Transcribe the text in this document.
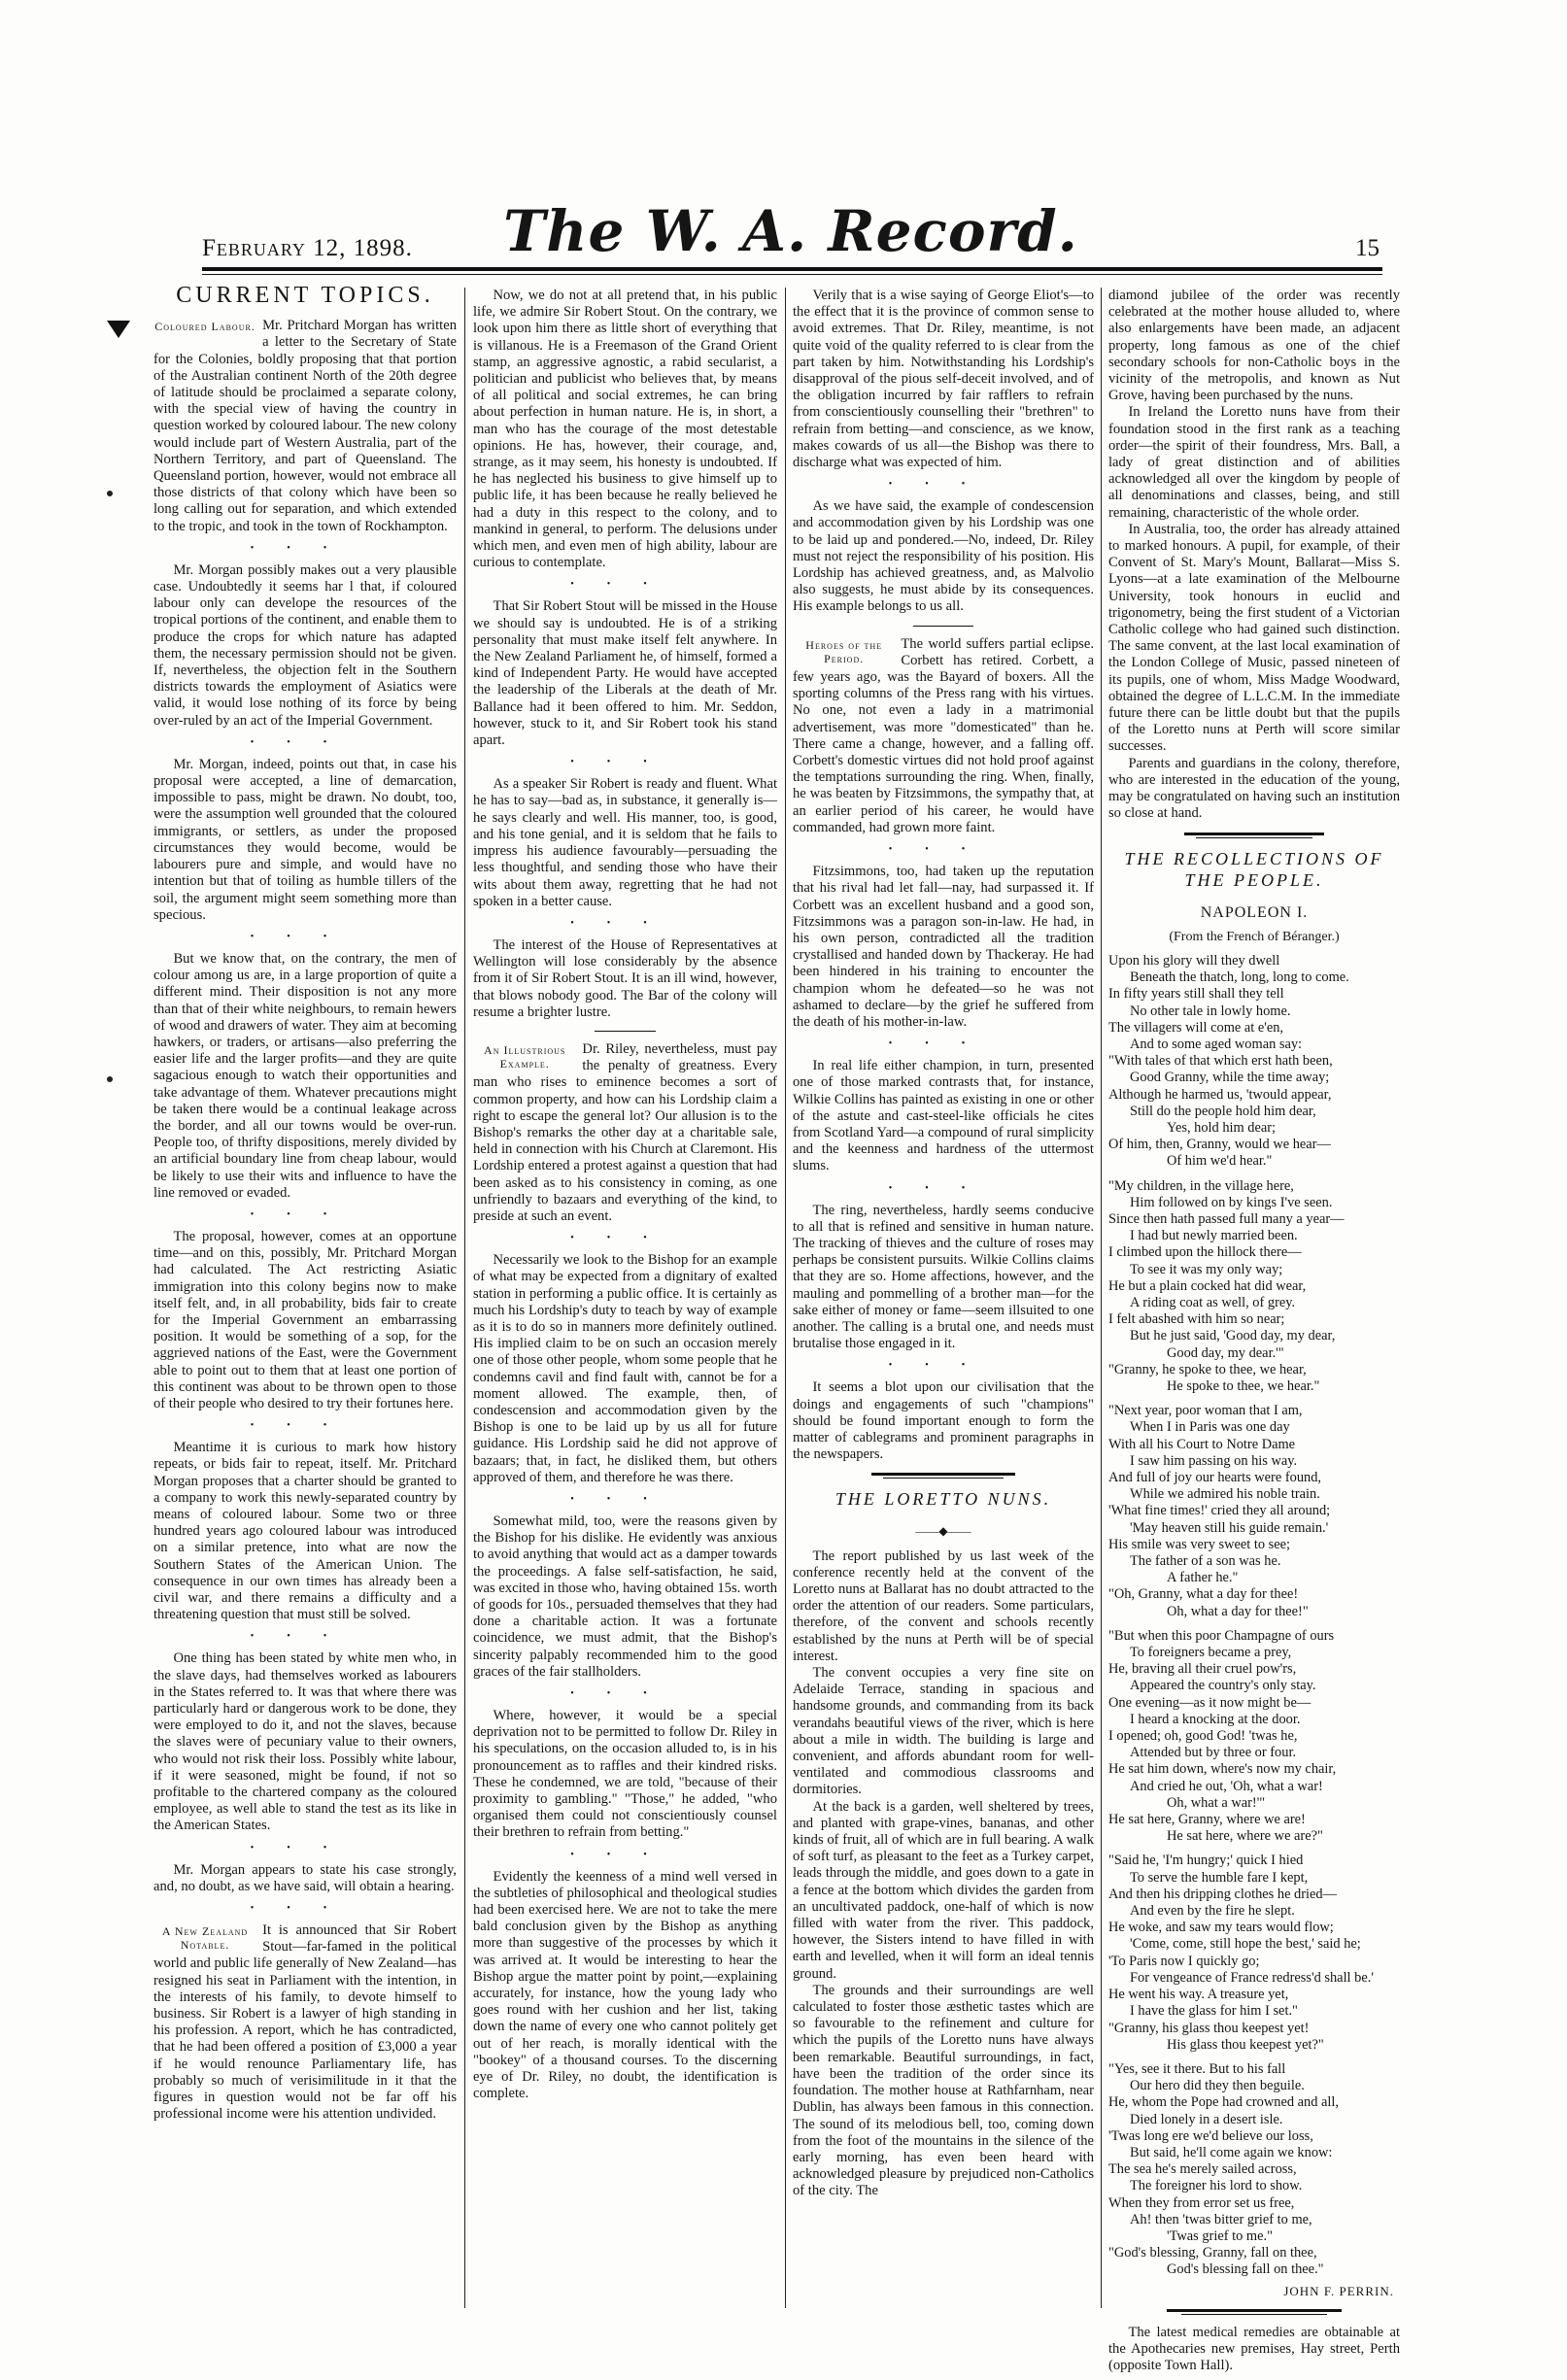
February 12, 1898.	The W. A. Record.	15
CURRENT TOPICS.
Coloured Labour. Mr. Pritchard Morgan has written a letter to the Secretary of State for the Colonies, boldly proposing that that portion of the Australian continent North of the 20th degree of latitude should be proclaimed a separate colony, with the special view of having the country in question worked by coloured labour. The new colony would include part of Western Australia, part of the Northern Territory, and part of Queensland. The Queensland portion, however, would not embrace all those districts of that colony which have been so long calling out for separation, and which extended to the tropic, and took in the town of Rockhampton.

•••

Mr. Morgan possibly makes out a very plausible case. Undoubtedly it seems har l that, if coloured labour only can develope the resources of the tropical portions of the continent, and enable them to produce the crops for which nature has adapted them, the necessary permission should not be given. If, nevertheless, the objection felt in the Southern districts towards the employment of Asiatics were valid, it would lose nothing of its force by being over-ruled by an act of the Imperial Government.

•••

Mr. Morgan, indeed, points out that, in case his proposal were accepted, a line of demarcation, impossible to pass, might be drawn. No doubt, too, were the assumption well grounded that the coloured immigrants, or settlers, as under the proposed circumstances they would become, would be labourers pure and simple, and would have no intention but that of toiling as humble tillers of the soil, the argument might seem something more than specious.

•••

But we know that, on the contrary, the men of colour among us are, in a large proportion of quite a different mind. Their disposition is not any more than that of their white neighbours, to remain hewers of wood and drawers of water. They aim at becoming hawkers, or traders, or artisans—also preferring the easier life and the larger profits—and they are quite sagacious enough to watch their opportunities and take advantage of them. Whatever precautions might be taken there would be a continual leakage across the border, and all our towns would be over-run. People too, of thrifty dispositions, merely divided by an artificial boundary line from cheap labour, would be likely to use their wits and influence to have the line removed or evaded.

•••

The proposal, however, comes at an opportune time—and on this, possibly, Mr. Pritchard Morgan had calculated. The Act restricting Asiatic immigration into this colony begins now to make itself felt, and, in all probability, bids fair to create for the Imperial Government an embarrassing position. It would be something of a sop, for the aggrieved nations of the East, were the Government able to point out to them that at least one portion of this continent was about to be thrown open to those of their people who desired to try their fortunes here.

•••

Meantime it is curious to mark how history repeats, or bids fair to repeat, itself. Mr. Pritchard Morgan proposes that a charter should be granted to a company to work this newly-separated country by means of coloured labour. Some two or three hundred years ago coloured labour was introduced on a similar pretence, into what are now the Southern States of the American Union. The consequence in our own times has already been a civil war, and there remains a difficulty and a threatening question that must still be solved.

•••

One thing has been stated by white men who, in the slave days, had themselves worked as labourers in the States referred to. It was that where there was particularly hard or dangerous work to be done, they were employed to do it, and not the slaves, because the slaves were of pecuniary value to their owners, who would not risk their loss. Possibly white labour, if it were seasoned, might be found, if not so profitable to the chartered company as the coloured employee, as well able to stand the test as its like in the American States.

•••

Mr. Morgan appears to state his case strongly, and, no doubt, as we have said, will obtain a hearing.

•••
A New Zealand Notable.

It is announced that Sir Robert Stout—far-famed in the political world and public life generally of New Zealand—has resigned his seat in Parliament with the intention, in the interests of his family, to devote himself to business. Sir Robert is a lawyer of high standing in his profession. A report, which he has contradicted, that he had been offered a position of £3,000 a year if he would renounce Parliamentary life, has probably so much of verisimilitude in it that the figures in question would not be far off his professional income were his attention undivided.

Now, we do not at all pretend that, in his public life, we admire Sir Robert Stout. On the contrary, we look upon him there as little short of everything that is villanous. He is a Freemason of the Grand Orient stamp, an aggressive agnostic, a rabid secularist, a politician and publicist who believes that, by means of all political and social extremes, he can bring about perfection in human nature. He is, in short, a man who has the courage of the most detestable opinions. He has, however, their courage, and, strange, as it may seem, his honesty is undoubted. If he has neglected his business to give himself up to public life, it has been because he really believed he had a duty in this respect to the colony, and to mankind in general, to perform. The delusions under which men, and even men of high ability, labour are curious to contemplate.

•••

That Sir Robert Stout will be missed in the House we should say is undoubted. He is of a striking personality that must make itself felt anywhere. In the New Zealand Parliament he, of himself, formed a kind of Independent Party. He would have accepted the leadership of the Liberals at the death of Mr. Ballance had it been offered to him. Mr. Seddon, however, stuck to it, and Sir Robert took his stand apart.

•••

As a speaker Sir Robert is ready and fluent. What he has to say—bad as, in substance, it generally is—he says clearly and well. His manner, too, is good, and his tone genial, and it is seldom that he fails to impress his audience favourably—persuading the less thoughtful, and sending those who have their wits about them away, regretting that he had not spoken in a better cause.

•••

The interest of the House of Representatives at Wellington will lose considerably by the absence from it of Sir Robert Stout. It is an ill wind, however, that blows nobody good. The Bar of the colony will resume a brighter lustre.

An Illustrious Example.

Dr. Riley, nevertheless, must pay the penalty of greatness. Every man who rises to eminence becomes a sort of common property, and how can his Lordship claim a right to escape the general lot? Our allusion is to the Bishop's remarks the other day at a charitable sale, held in connection with his Church at Claremont. His Lordship entered a protest against a question that had been asked as to his consistency in coming, as one unfriendly to bazaars and everything of the kind, to preside at such an event.

•••

Necessarily we look to the Bishop for an example of what may be expected from a dignitary of exalted station in performing a public office. It is certainly as much his Lordship's duty to teach by way of example as it is to do so in manners more definitely outlined. His implied claim to be on such an occasion merely one of those other people, whom some people that he condemns cavil and find fault with, cannot be for a moment allowed. The example, then, of condescension and accommodation given by the Bishop is one to be laid up by us all for future guidance. His Lordship said he did not approve of bazaars; that, in fact, he disliked them, but others approved of them, and therefore he was there.

•••

Somewhat mild, too, were the reasons given by the Bishop for his dislike. He evidently was anxious to avoid anything that would act as a damper towards the proceedings. A false self-satisfaction, he said, was excited in those who, having obtained 15s. worth of goods for 10s., persuaded themselves that they had done a charitable action. It was a fortunate coincidence, we must admit, that the Bishop's sincerity palpably recommended him to the good graces of the fair stallholders.

•••

Where, however, it would be a special deprivation not to be permitted to follow Dr. Riley in his speculations, on the occasion alluded to, is in his pronouncement as to raffles and their kindred risks. These he condemned, we are told, "because of their proximity to gambling." "Those," he added, "who organised them could not conscientiously counsel their brethren to refrain from betting."

•••

Evidently the keenness of a mind well versed in the subtleties of philosophical and theological studies had been exercised here. We are not to take the mere bald conclusion given by the Bishop as anything more than suggestive of the processes by which it was arrived at. It would be interesting to hear the Bishop argue the matter point by point,—explaining accurately, for instance, how the young lady who goes round with her cushion and her list, taking down the name of every one who cannot politely get out of her reach, is morally identical with the "bookey" of a thousand courses. To the discerning eye of Dr. Riley, no doubt, the identification is complete.

Verily that is a wise saying of George Eliot's—to the effect that it is the province of common sense to avoid extremes. That Dr. Riley, meantime, is not quite void of the quality referred to is clear from the part taken by him. Notwithstanding his Lordship's disapproval of the pious self-deceit involved, and of the obligation incurred by fair rafflers to refrain from conscientiously counselling their "brethren" to refrain from betting—and conscience, as we know, makes cowards of us all—the Bishop was there to discharge what was expected of him.

•••

As we have said, the example of condescension and accommodation given by his Lordship was one to be laid up and pondered.—No, indeed, Dr. Riley must not reject the responsibility of his position. His Lordship has achieved greatness, and, as Malvolio also suggests, he must abide by its consequences. His example belongs to us all.

Heroes of the Period.

The world suffers partial eclipse. Corbett has retired. Corbett, a few years ago, was the Bayard of boxers. All the sporting columns of the Press rang with his virtues. No one, not even a lady in a matrimonial advertisement, was more "domesticated" than he. There came a change, however, and a falling off. Corbett's domestic virtues did not hold proof against the temptations surrounding the ring. When, finally, he was beaten by Fitzsimmons, the sympathy that, at an earlier period of his career, he would have commanded, had grown more faint.

•••

Fitzsimmons, too, had taken up the reputation that his rival had let fall—nay, had surpassed it. If Corbett was an excellent husband and a good son, Fitzsimmons was a paragon son-in-law. He had, in his own person, contradicted all the tradition crystallised and handed down by Thackeray. He had been hindered in his training to encounter the champion whom he defeated—so he was not ashamed to declare—by the grief he suffered from the death of his mother-in-law.

•••

In real life either champion, in turn, presented one of those marked contrasts that, for instance, Wilkie Collins has painted as existing in one or other of the astute and cast-steel-like officials he cites from Scotland Yard—a compound of rural simplicity and the keenness and hardness of the uttermost slums.

•••

The ring, nevertheless, hardly seems conducive to all that is refined and sensitive in human nature. The tracking of thieves and the culture of roses may perhaps be consistent pursuits. Wilkie Collins claims that they are so. Home affections, however, and the mauling and pommelling of a brother man—for the sake either of money or fame—seem illsuited to one another. The calling is a brutal one, and needs must brutalise those engaged in it.

•••

It seems a blot upon our civilisation that the doings and engagements of such "champions" should be found important enough to form the matter of cablegrams and prominent paragraphs in the newspapers.

THE LORETTO NUNS.
——◆——

The report published by us last week of the conference recently held at the convent of the Loretto nuns at Ballarat has no doubt attracted to the order the attention of our readers. Some particulars, therefore, of the convent and schools recently established by the nuns at Perth will be of special interest.

The convent occupies a very fine site on Adelaide Terrace, standing in spacious and handsome grounds, and commanding from its back verandahs beautiful views of the river, which is here about a mile in width. The building is large and convenient, and affords abundant room for well-ventilated and commodious classrooms and dormitories.

At the back is a garden, well sheltered by trees, and planted with grape-vines, bananas, and other kinds of fruit, all of which are in full bearing. A walk of soft turf, as pleasant to the feet as a Turkey carpet, leads through the middle, and goes down to a gate in a fence at the bottom which divides the garden from an uncultivated paddock, one-half of which is now filled with water from the river. This paddock, however, the Sisters intend to have filled in with earth and levelled, when it will form an ideal tennis ground.

The grounds and their surroundings are well calculated to foster those æsthetic tastes which are so favourable to the refinement and culture for which the pupils of the Loretto nuns have always been remarkable. Beautiful surroundings, in fact, have been the tradition of the order since its foundation. The mother house at Rathfarnham, near Dublin, has always been famous in this connection. The sound of its melodious bell, too, coming down from the foot of the mountains in the silence of the early morning, has even been heard with acknowledged pleasure by prejudiced non-Catholics of the city. The

diamond jubilee of the order was recently celebrated at the mother house alluded to, where also enlargements have been made, an adjacent property, long famous as one of the chief secondary schools for non-Catholic boys in the vicinity of the metropolis, and known as Nut Grove, having been purchased by the nuns.

In Ireland the Loretto nuns have from their foundation stood in the first rank as a teaching order—the spirit of their foundress, Mrs. Ball, a lady of great distinction and of abilities acknowledged all over the kingdom by people of all denominations and classes, being, and still remaining, characteristic of the whole order.

In Australia, too, the order has already attained to marked honours. A pupil, for example, of their Convent of St. Mary's Mount, Ballarat—Miss S. Lyons—at a late examination of the Melbourne University, took honours in euclid and trigonometry, being the first student of a Victorian Catholic college who had gained such distinction. The same convent, at the last local examination of the London College of Music, passed nineteen of its pupils, one of whom, Miss Madge Woodward, obtained the degree of L.L.C.M. In the immediate future there can be little doubt but that the pupils of the Loretto nuns at Perth will score similar successes.

Parents and guardians in the colony, therefore, who are interested in the education of the young, may be congratulated on having such an institution so close at hand.

THE RECOLLECTIONS OF THE PEOPLE.
NAPOLEON I.
(From the French of Béranger.)
Upon his glory will they dwell
Beneath the thatch, long, long to come.
In fifty years still shall they tell
No other tale in lowly home.
The villagers will come at e'en,
And to some aged woman say:
"With tales of that which erst hath been,
Good Granny, while the time away;
Although he harmed us, 'twould appear,
Still do the people hold him dear,
Yes, hold him dear;
Of him, then, Granny, would we hear—
Of him we'd hear."
"My children, in the village here,
Him followed on by kings I've seen.
Since then hath passed full many a year—
I had but newly married been.
I climbed upon the hillock there—
To see it was my only way;
He but a plain cocked hat did wear,
A riding coat as well, of grey.
I felt abashed with him so near;
But he just said, 'Good day, my dear,
Good day, my dear.'"
"Granny, he spoke to thee, we hear,
He spoke to thee, we hear."
"Next year, poor woman that I am,
When I in Paris was one day
With all his Court to Notre Dame
I saw him passing on his way.
And full of joy our hearts were found,
While we admired his noble train.
'What fine times!' cried they all around;
'May heaven still his guide remain.'
His smile was very sweet to see;
The father of a son was he.
A father he."
"Oh, Granny, what a day for thee!
Oh, what a day for thee!"
"But when this poor Champagne of ours
To foreigners became a prey,
He, braving all their cruel pow'rs,
Appeared the country's only stay.
One evening—as it now might be—
I heard a knocking at the door.
I opened; oh, good God! 'twas he,
Attended but by three or four.
He sat him down, where's now my chair,
And cried he out, 'Oh, what a war!
Oh, what a war!'"
He sat here, Granny, where we are!
He sat here, where we are?"
"Said he, 'I'm hungry;' quick I hied
To serve the humble fare I kept,
And then his dripping clothes he dried—
And even by the fire he slept.
He woke, and saw my tears would flow;
'Come, come, still hope the best,' said he;
'To Paris now I quickly go;
For vengeance of France redress'd shall be.'
He went his way. A treasure yet,
I have the glass for him I set."
"Granny, his glass thou keepest yet!
His glass thou keepest yet?"
"Yes, see it there. But to his fall
Our hero did they then beguile.
He, whom the Pope had crowned and all,
Died lonely in a desert isle.
'Twas long ere we'd believe our loss,
But said, he'll come again we know:
The sea he's merely sailed across,
The foreigner his lord to show.
When they from error set us free,
Ah! then 'twas bitter grief to me,
'Twas grief to me."
"God's blessing, Granny, fall on thee,
God's blessing fall on thee."
JOHN F. PERRIN.

The latest medical remedies are obtainable at the Apothecaries new premises, Hay street, Perth (opposite Town Hall).
